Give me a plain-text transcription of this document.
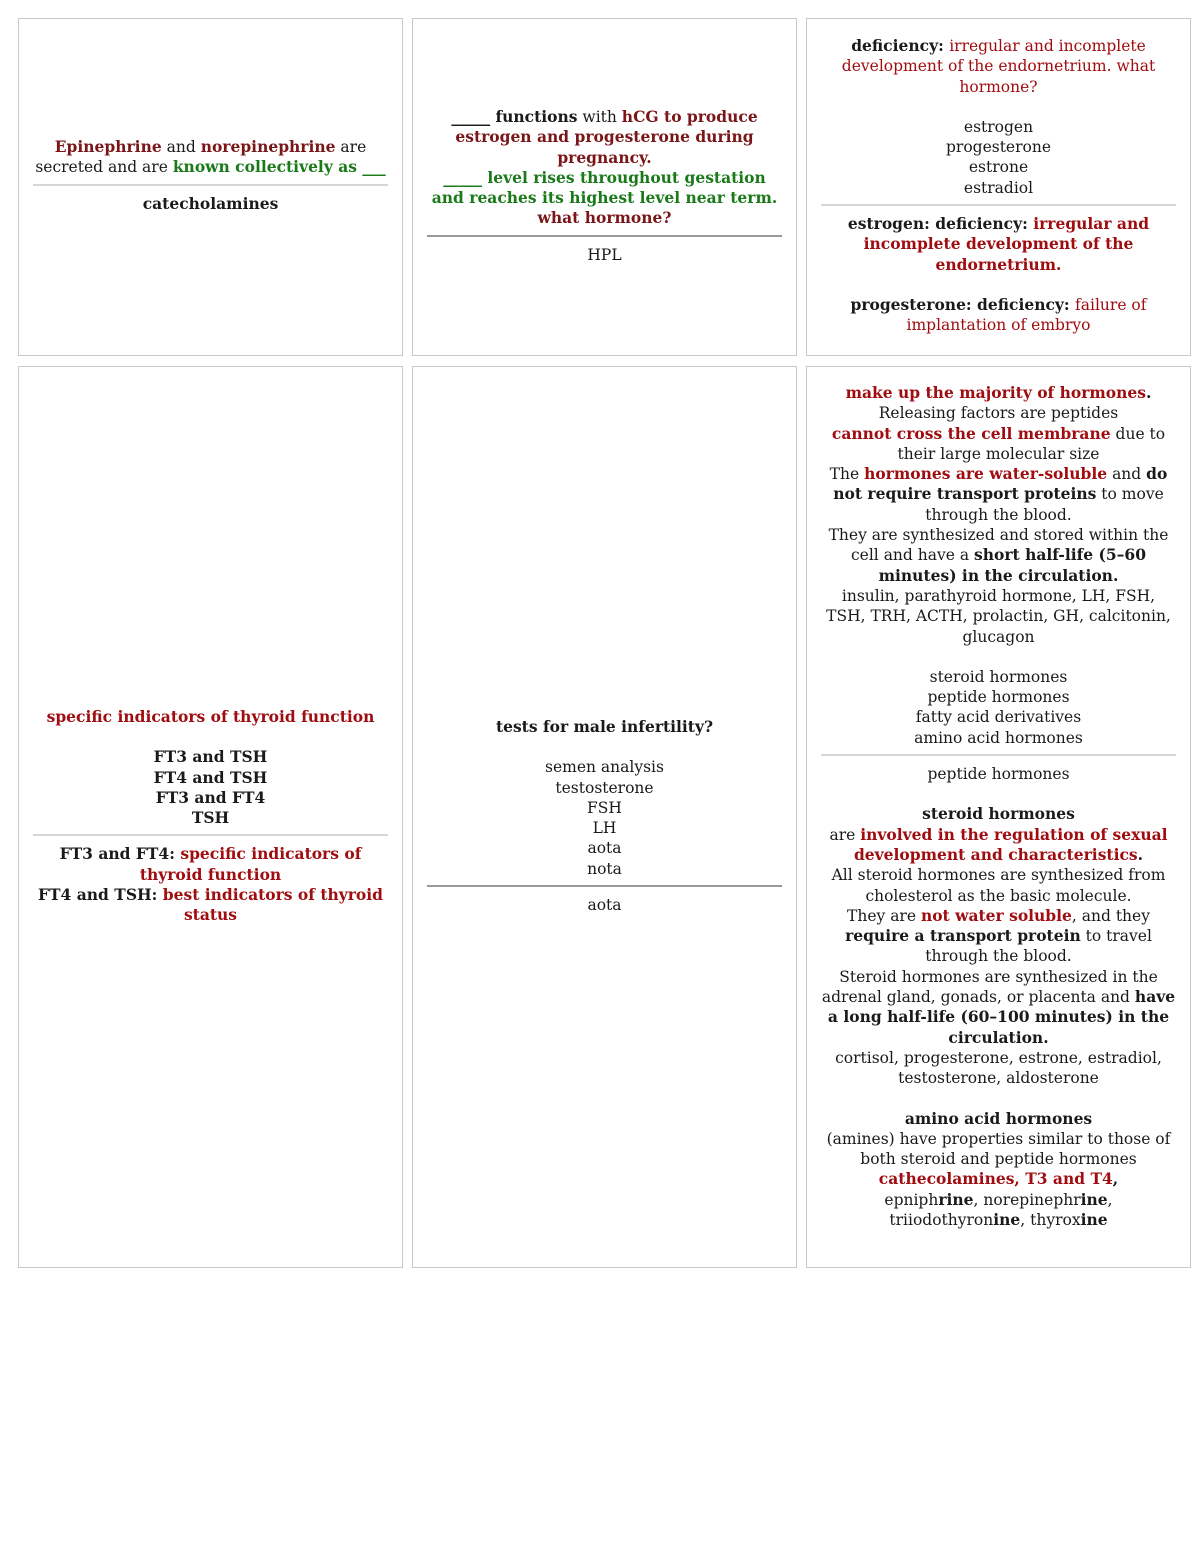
Epinephrine and norepinephrine are secreted and are known collectively as ___
catecholamines
_____ functions with hCG to produce estrogen and progesterone during pregnancy.
_____ level rises throughout gestation and reaches its highest level near term. what hormone?
HPL
deficiency: irregular and incomplete development of the endornetrium. what hormone?
estrogen
progesterone
estrone
estradiol
estrogen: deficiency: irregular and incomplete development of the endornetrium.
progesterone: deficiency: failure of implantation of embryo
specific indicators of thyroid function
FT3 and TSH
FT4 and TSH
FT3 and FT4
TSH
FT3 and FT4: specific indicators of thyroid function
FT4 and TSH: best indicators of thyroid status
tests for male infertility?
semen analysis
testosterone
FSH
LH
aota
nota
aota
make up the majority of hormones.
Releasing factors are peptides
cannot cross the cell membrane due to their large molecular size
The hormones are water-soluble and do not require transport proteins to move through the blood.
They are synthesized and stored within the cell and have a short half-life (5–60 minutes) in the circulation.
insulin, parathyroid hormone, LH, FSH, TSH, TRH, ACTH, prolactin, GH, calcitonin, glucagon
steroid hormones
peptide hormones
fatty acid derivatives
amino acid hormones
peptide hormones
steroid hormones
are involved in the regulation of sexual development and characteristics.
All steroid hormones are synthesized from cholesterol as the basic molecule.
They are not water soluble, and they require a transport protein to travel through the blood.
Steroid hormones are synthesized in the adrenal gland, gonads, or placenta and have a long half-life (60–100 minutes) in the circulation.
cortisol, progesterone, estrone, estradiol, testosterone, aldosterone
amino acid hormones
(amines) have properties similar to those of both steroid and peptide hormones
cathecolamines, T3 and T4,
epniphrine, norepinephrine,
triiodothyronine, thyroxine
